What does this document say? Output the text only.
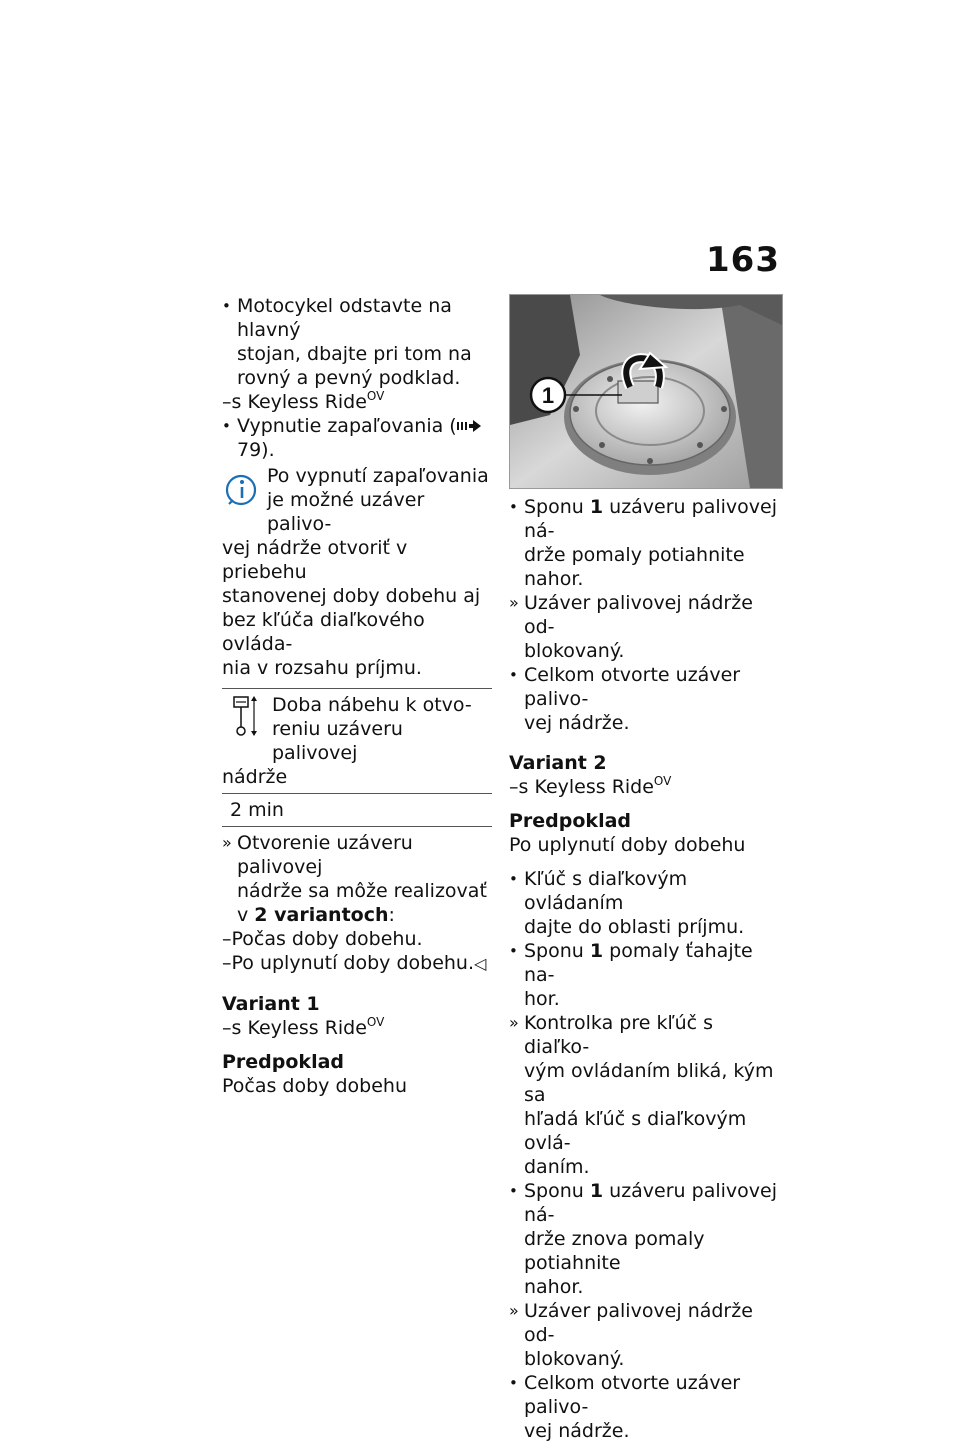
163
• Motocykel odstavte na hlavný
stojan, dbajte pri tom na
rovný a pevný podklad.
–s Keyless Ride$^{OV}$
• Vypnutie zapaľovania (79).
Po vypnutí zapaľovania
je možné uzáver palivo-
vej nádrže otvoriť v priebehu
stanovenej doby dobehu aj
bez kľúča diaľkového ovláda-
nia v rozsahu príjmu.
Doba nábehu k otvo-
reniu uzáveru palivovej
nádrže
2 min
» Otvorenie uzáveru palivovej
nádrže sa môže realizovať
v 2 variantoch:
–Počas doby dobehu.
–Po uplynutí doby dobehu.◁
Variant 1
–s Keyless Ride$^{OV}$
Predpoklad
Počas doby dobehu
1
• Sponu 1 uzáveru palivovej ná-
drže pomaly potiahnite nahor.
» Uzáver palivovej nádrže od-
blokovaný.
• Celkom otvorte uzáver palivo-
vej nádrže.
Variant 2
–s Keyless Ride$^{OV}$
Predpoklad
Po uplynutí doby dobehu
• Kľúč s diaľkovým ovládaním
dajte do oblasti príjmu.
• Sponu 1 pomaly ťahajte na-
hor.
» Kontrolka pre kľúč s diaľko-
vým ovládaním bliká, kým sa
hľadá kľúč s diaľkovým ovlá-
daním.
• Sponu 1 uzáveru palivovej ná-
drže znova pomaly potiahnite
nahor.
» Uzáver palivovej nádrže od-
blokovaný.
• Celkom otvorte uzáver palivo-
vej nádrže.
